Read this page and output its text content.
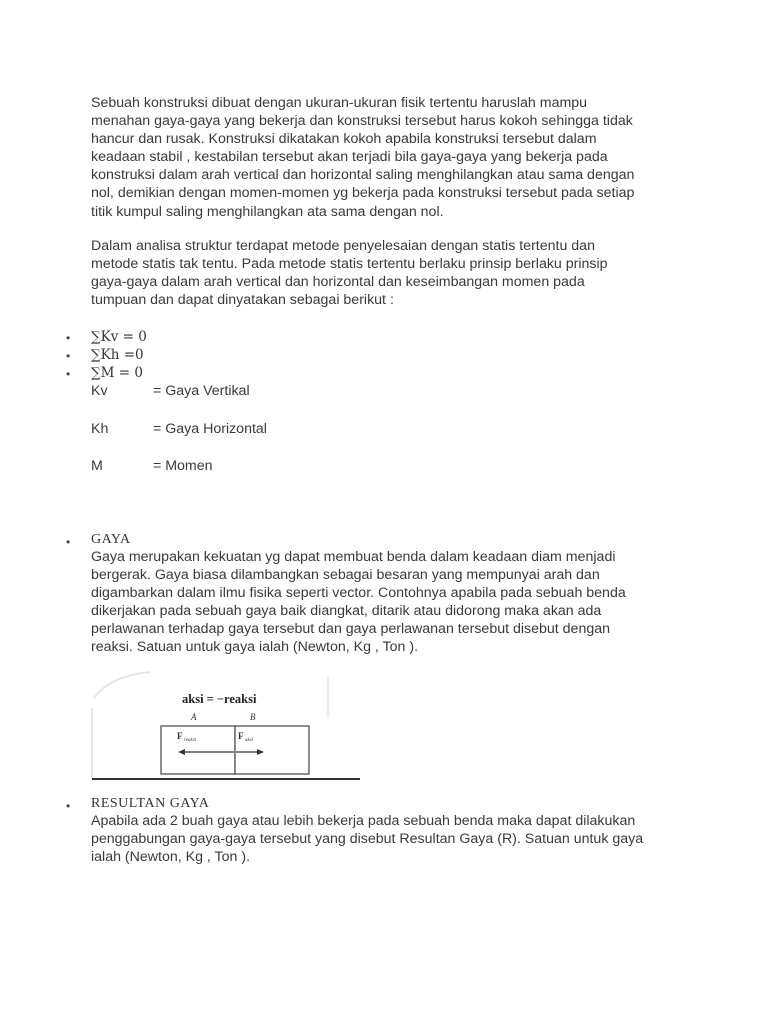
Sebuah konstruksi dibuat dengan ukuran-ukuran fisik tertentu haruslah mampu
menahan gaya-gaya yang bekerja dan konstruksi tersebut harus kokoh sehingga tidak
hancur dan rusak. Konstruksi dikatakan kokoh apabila konstruksi tersebut dalam
keadaan stabil , kestabilan tersebut akan terjadi bila gaya-gaya yang bekerja pada
konstruksi dalam arah vertical dan horizontal saling menghilangkan atau sama dengan
nol, demikian dengan momen-momen yg bekerja pada konstruksi tersebut pada setiap
titik kumpul saling menghilangkan ata sama dengan nol.

Dalam analisa struktur terdapat metode penyelesaian dengan statis tertentu dan
metode statis tak tentu. Pada metode statis tertentu berlaku prinsip berlaku prinsip
gaya-gaya dalam arah vertical dan horizontal dan keseimbangan momen pada
tumpuan dan dapat dinyatakan sebagai berikut :

• ∑Kv = 0
• ∑Kh =0
• ∑M = 0
Kv	= Gaya Vertikal
Kh	= Gaya Horizontal
M	= Momen
• GAYA

Gaya merupakan kekuatan yg dapat membuat benda dalam keadaan diam menjadi
bergerak. Gaya biasa dilambangkan sebagai besaran yang mempunyai arah dan
digambarkan dalam ilmu fisika seperti vector. Contohnya apabila pada sebuah benda
dikerjakan pada sebuah gaya baik diangkat, ditarik atau didorong maka akan ada
perlawanan terhadap gaya tersebut dan gaya perlawanan tersebut disebut dengan
reaksi. Satuan untuk gaya ialah (Newton, Kg , Ton ).

aksi = −reaksi
A	B
F reaksi	F aksi
• RESULTAN GAYA

Apabila ada 2 buah gaya atau lebih bekerja pada sebuah benda maka dapat dilakukan
penggabungan gaya-gaya tersebut yang disebut Resultan Gaya (R). Satuan untuk gaya
ialah (Newton, Kg , Ton ).
